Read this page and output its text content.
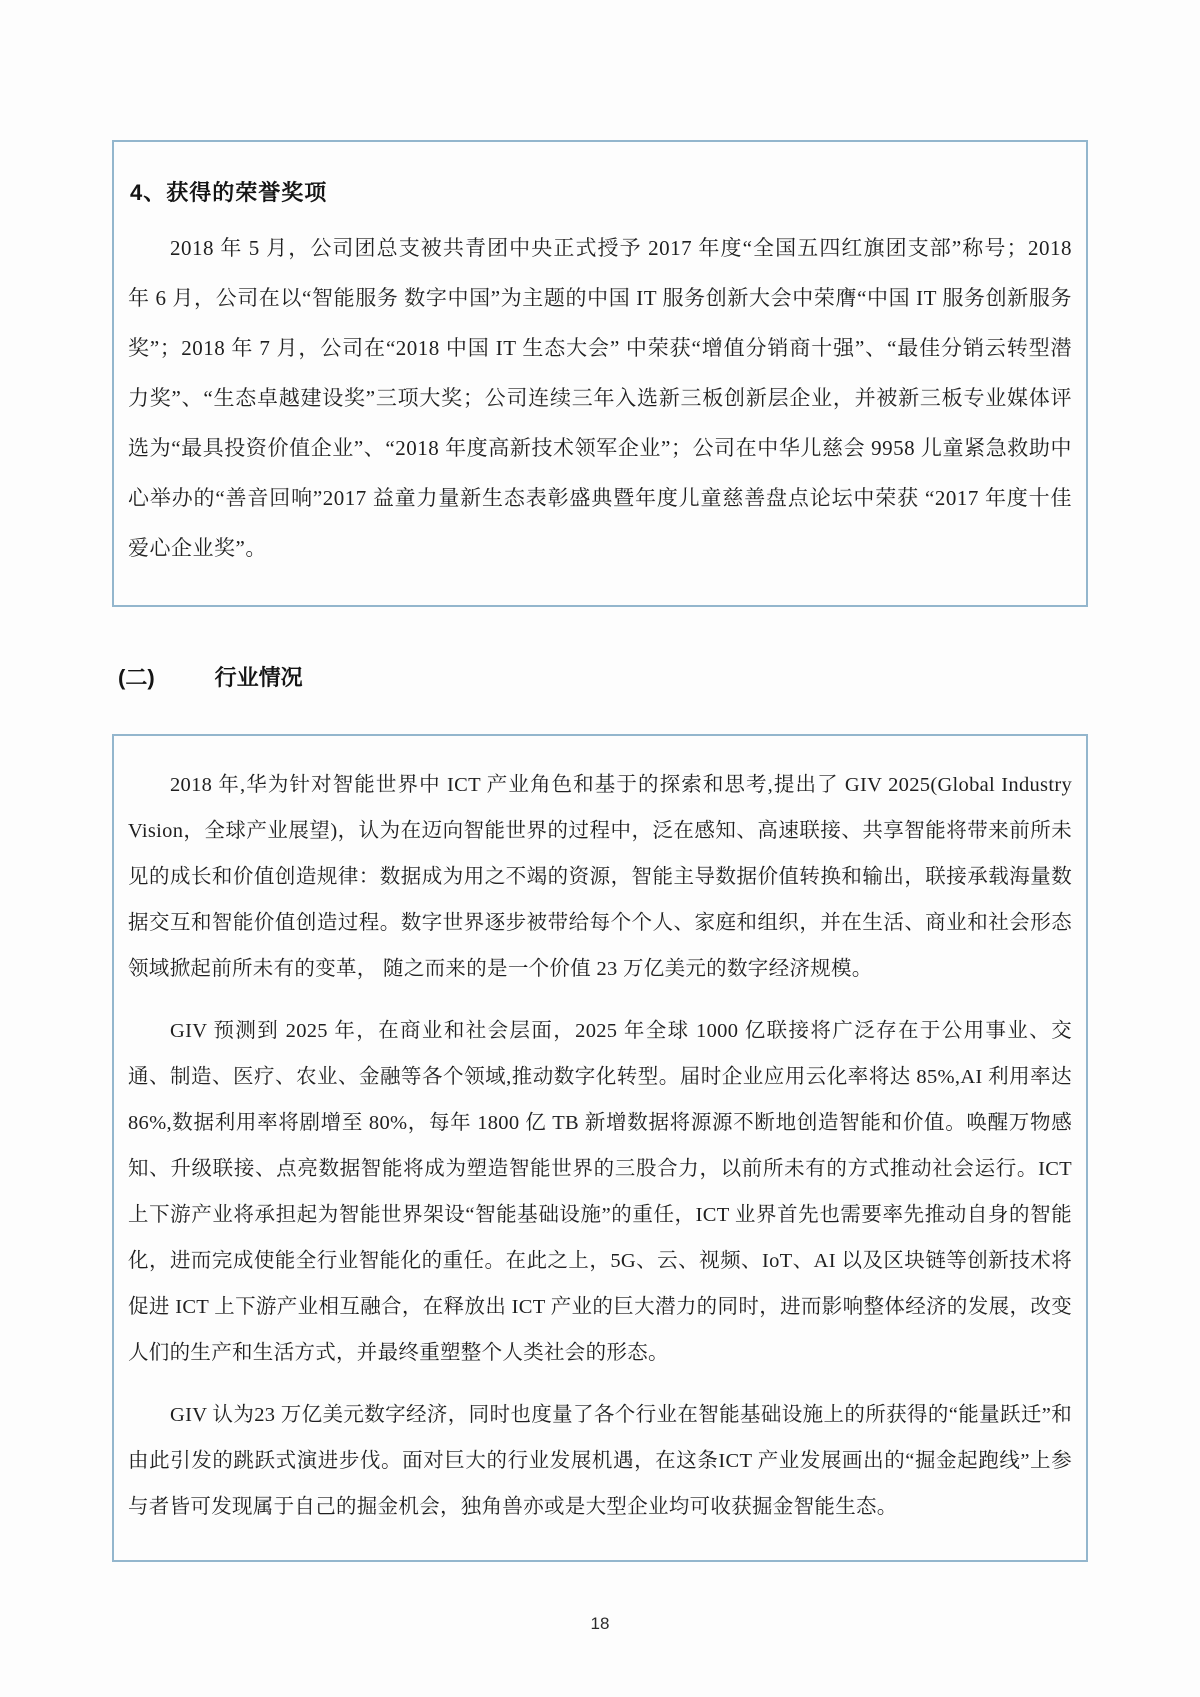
4、获得的荣誉奖项

2018 年 5 月，公司团总支被共青团中央正式授予 2017 年度“全国五四红旗团支部”称号；2018 年 6 月，公司在以“智能服务 数字中国”为主题的中国 IT 服务创新大会中荣膺“中国 IT 服务创新服务奖”；2018 年 7 月，公司在“2018 中国 IT 生态大会” 中荣获“增值分销商十强”、“最佳分销云转型潜力奖”、“生态卓越建设奖”三项大奖；公司连续三年入选新三板创新层企业，并被新三板专业媒体评选为“最具投资价值企业”、“2018 年度高新技术领军企业”；公司在中华儿慈会 9958 儿童紧急救助中心举办的“善音回响”2017 益童力量新生态表彰盛典暨年度儿童慈善盘点论坛中荣获 “2017 年度十佳爱心企业奖”。

(二)	行业情况

2018 年,华为针对智能世界中 ICT 产业角色和基于的探索和思考,提出了 GIV 2025(Global Industry Vision，全球产业展望)，认为在迈向智能世界的过程中，泛在感知、高速联接、共享智能将带来前所未见的成长和价值创造规律：数据成为用之不竭的资源，智能主导数据价值转换和输出，联接承载海量数据交互和智能价值创造过程。数字世界逐步被带给每个个人、家庭和组织，并在生活、商业和社会形态领域掀起前所未有的变革， 随之而来的是一个价值 23 万亿美元的数字经济规模。

GIV 预测到 2025 年，在商业和社会层面，2025 年全球 1000 亿联接将广泛存在于公用事业、交通、制造、医疗、农业、金融等各个领域,推动数字化转型。届时企业应用云化率将达 85%,AI 利用率达 86%,数据利用率将剧增至 80%，每年 1800 亿 TB 新增数据将源源不断地创造智能和价值。唤醒万物感知、升级联接、点亮数据智能将成为塑造智能世界的三股合力，以前所未有的方式推动社会运行。ICT 上下游产业将承担起为智能世界架设“智能基础设施”的重任，ICT 业界首先也需要率先推动自身的智能化，进而完成使能全行业智能化的重任。在此之上，5G、云、视频、IoT、AI 以及区块链等创新技术将促进 ICT 上下游产业相互融合，在释放出 ICT 产业的巨大潜力的同时，进而影响整体经济的发展，改变人们的生产和生活方式，并最终重塑整个人类社会的形态。

GIV 认为23 万亿美元数字经济，同时也度量了各个行业在智能基础设施上的所获得的“能量跃迁”和由此引发的跳跃式演进步伐。面对巨大的行业发展机遇，在这条ICT 产业发展画出的“掘金起跑线”上参与者皆可发现属于自己的掘金机会，独角兽亦或是大型企业均可收获掘金智能生态。

18
